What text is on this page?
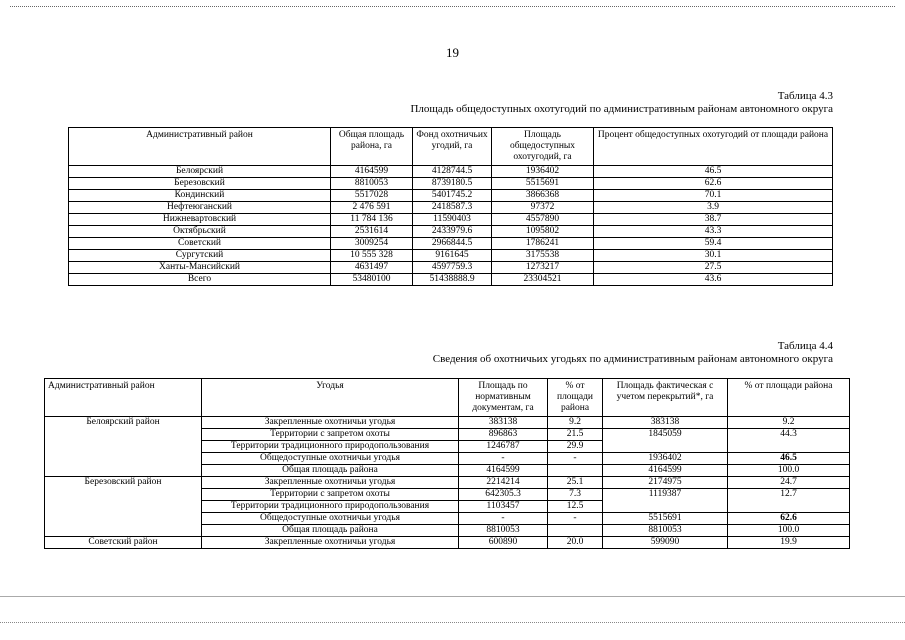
19
Таблица 4.3
Площадь общедоступных охотугодий по административным районам автономного округа
Административный район	Общая площадь района, га	Фонд охотничьих угодий, га	Площадь общедоступных охотугодий, га	Процент общедоступных охотугодий от площади района
Белоярский	4164599	4128744.5	1936402	46.5
Березовский	8810053	8739180.5	5515691	62.6
Кондинский	5517028	5401745.2	3866368	70.1
Нефтеюганский	2 476 591	2418587.3	97372	3.9
Нижневартовский	11 784 136	11590403	4557890	38.7
Октябрьский	2531614	2433979.6	1095802	43.3
Советский	3009254	2966844.5	1786241	59.4
Сургутский	10 555 328	9161645	3175538	30.1
Ханты-Мансийский	4631497	4597759.3	1273217	27.5
Всего	53480100	51438888.9	23304521	43.6
Таблица 4.4
Сведения об охотничьих угодьях по административным районам автономного округа
Административный район	Угодья	Площадь по нормативным документам, га	% от площади района	Площадь фактическая с учетом перекрытий*, га	% от площади района
Белоярский район	Закрепленные охотничьи угодья	383138	9.2	383138	9.2
	Территории с запретом охоты	896863	21.5	1845059	44.3
	Территории традиционного природопользования	1246787	29.9		
	Общедоступные охотничьи угодья	-	-	1936402	46.5
	Общая площадь района	4164599		4164599	100.0
Березовский район	Закрепленные охотничьи угодья	2214214	25.1	2174975	24.7
	Территории с запретом охоты	642305.3	7.3	1119387	12.7
	Территории традиционного природопользования	1103457	12.5		
	Общедоступные охотничьи угодья	-	-	5515691	62.6
	Общая площадь района	8810053		8810053	100.0
Советский район	Закрепленные охотничьи угодья	600890	20.0	599090	19.9
